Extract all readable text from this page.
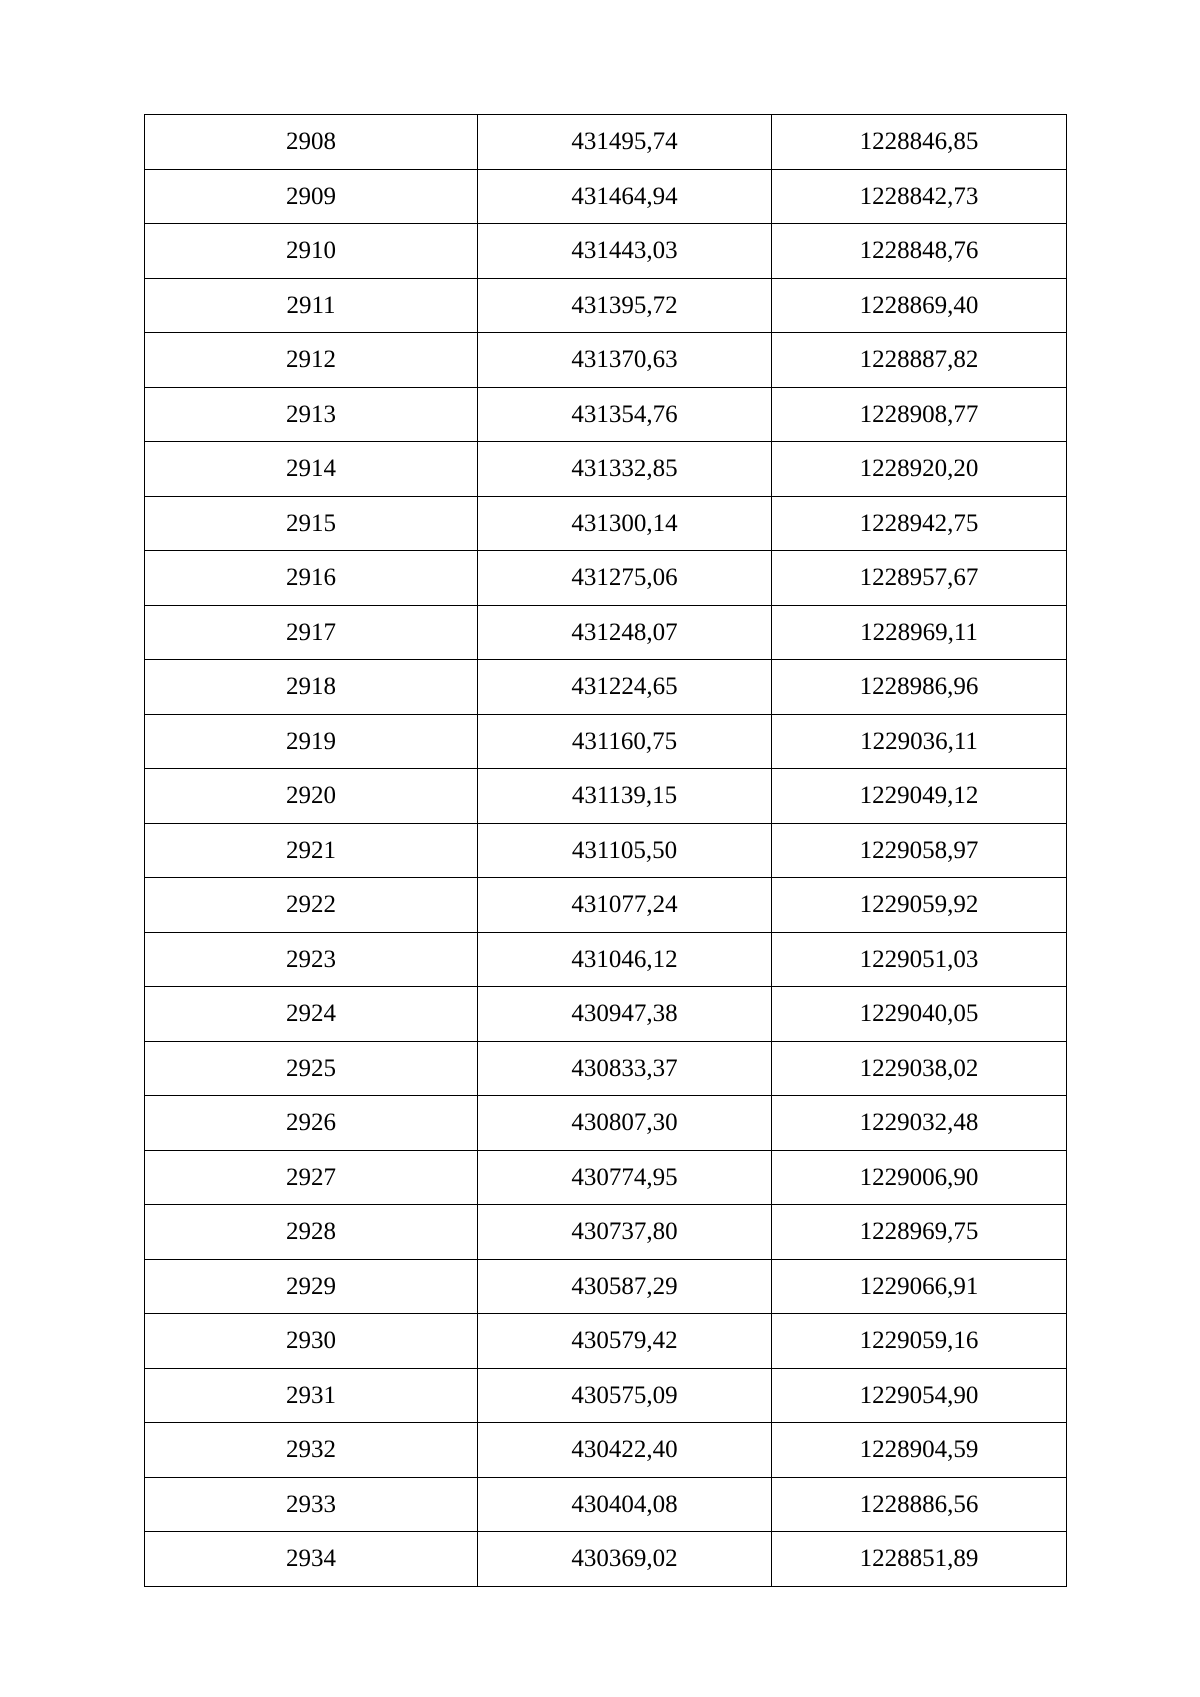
2908	431495,74	1228846,85
2909	431464,94	1228842,73
2910	431443,03	1228848,76
2911	431395,72	1228869,40
2912	431370,63	1228887,82
2913	431354,76	1228908,77
2914	431332,85	1228920,20
2915	431300,14	1228942,75
2916	431275,06	1228957,67
2917	431248,07	1228969,11
2918	431224,65	1228986,96
2919	431160,75	1229036,11
2920	431139,15	1229049,12
2921	431105,50	1229058,97
2922	431077,24	1229059,92
2923	431046,12	1229051,03
2924	430947,38	1229040,05
2925	430833,37	1229038,02
2926	430807,30	1229032,48
2927	430774,95	1229006,90
2928	430737,80	1228969,75
2929	430587,29	1229066,91
2930	430579,42	1229059,16
2931	430575,09	1229054,90
2932	430422,40	1228904,59
2933	430404,08	1228886,56
2934	430369,02	1228851,89
